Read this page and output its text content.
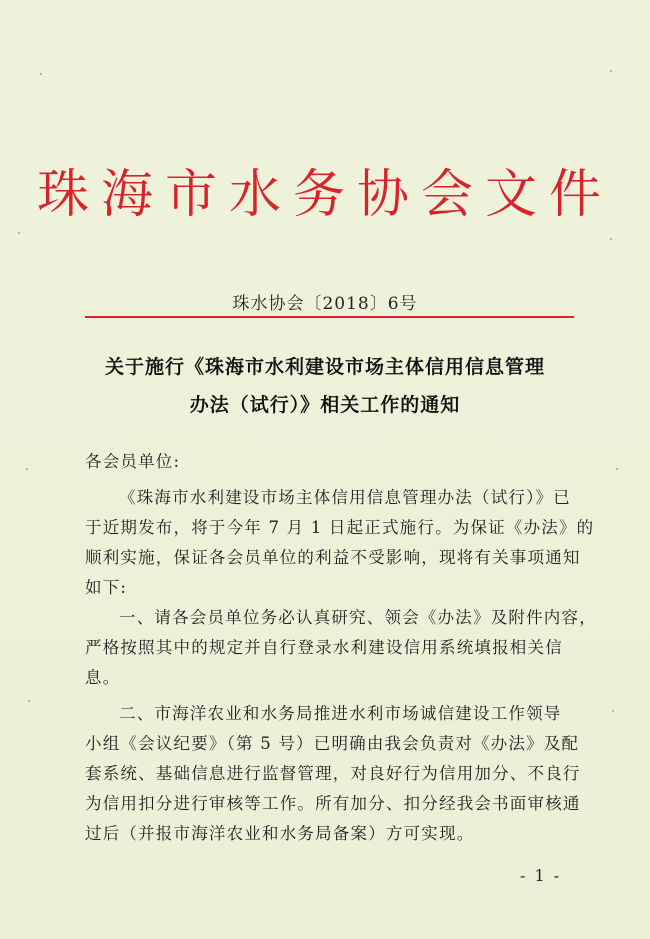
珠海市水务协会文件
珠水协会〔2018〕6号
关于施行《珠海市水利建设市场主体信用信息管理
办法（试行）》相关工作的通知
各会员单位:
《珠海市水利建设市场主体信用信息管理办法（试行）》已
于近期发布，将于今年 7 月 1 日起正式施行。为保证《办法》的
顺利实施，保证各会员单位的利益不受影响，现将有关事项通知
如下:
一、请各会员单位务必认真研究、领会《办法》及附件内容，
严格按照其中的规定并自行登录水利建设信用系统填报相关信
息。
二、市海洋农业和水务局推进水利市场诚信建设工作领导
小组《会议纪要》（第 5 号）已明确由我会负责对《办法》及配
套系统、基础信息进行监督管理，对良好行为信用加分、不良行
为信用扣分进行审核等工作。所有加分、扣分经我会书面审核通
过后（并报市海洋农业和水务局备案）方可实现。
- 1 -
